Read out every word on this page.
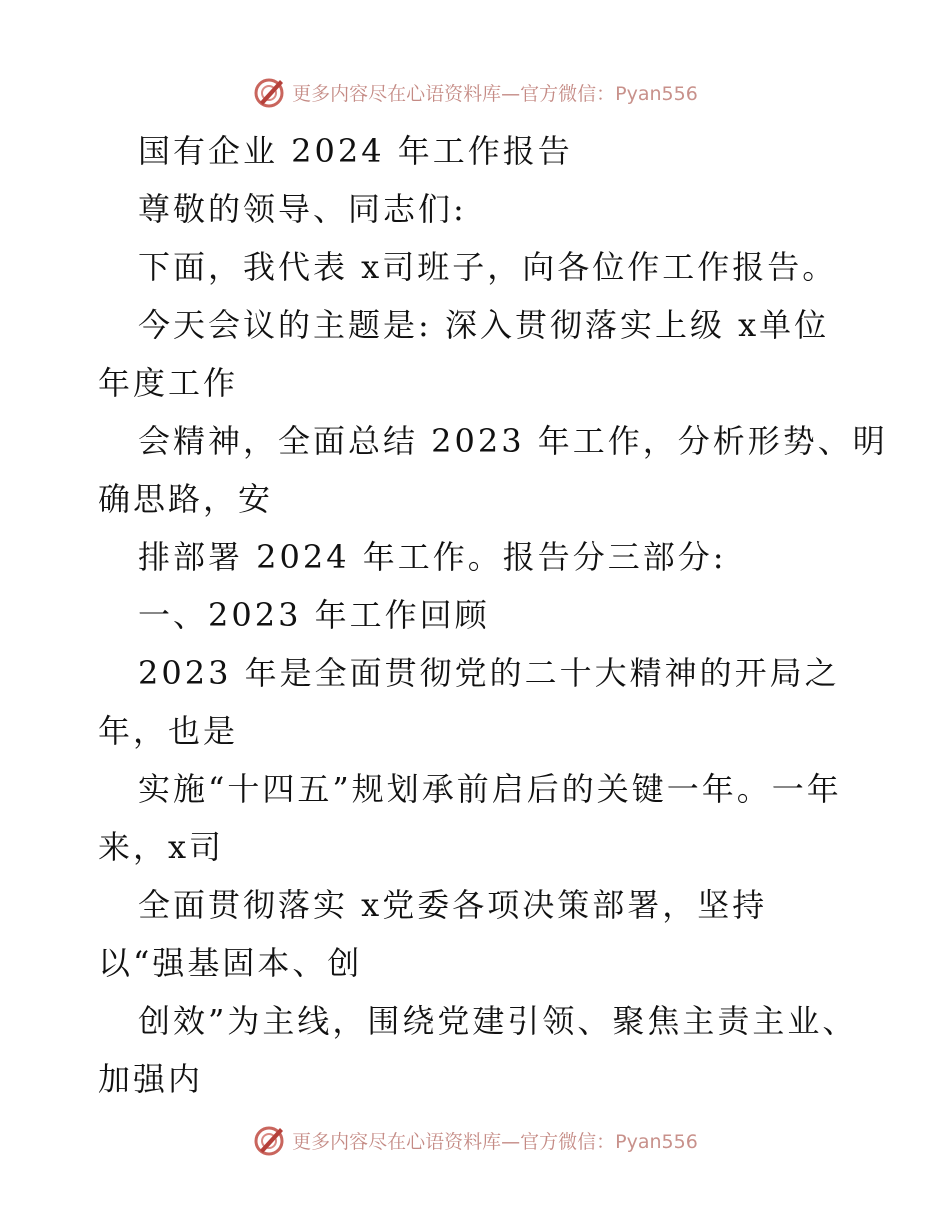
更多内容尽在心语资料库—官方微信：Pyan556
国有企业 2024 年工作报告
尊敬的领导、同志们:
下面，我代表 x司班子，向各位作工作报告。
今天会议的主题是: 深入贯彻落实上级 x单位
年度工作
会精神，全面总结 2023 年工作，分析形势、明
确思路，安
排部署 2024 年工作。报告分三部分:
一、2023 年工作回顾
2023 年是全面贯彻党的二十大精神的开局之
年，也是
实施“十四五”规划承前启后的关键一年。一年
来，x司
全面贯彻落实 x党委各项决策部署，坚持
以“强基固本、创
创效”为主线，围绕党建引领、聚焦主责主业、
加强内
更多内容尽在心语资料库—官方微信：Pyan556
